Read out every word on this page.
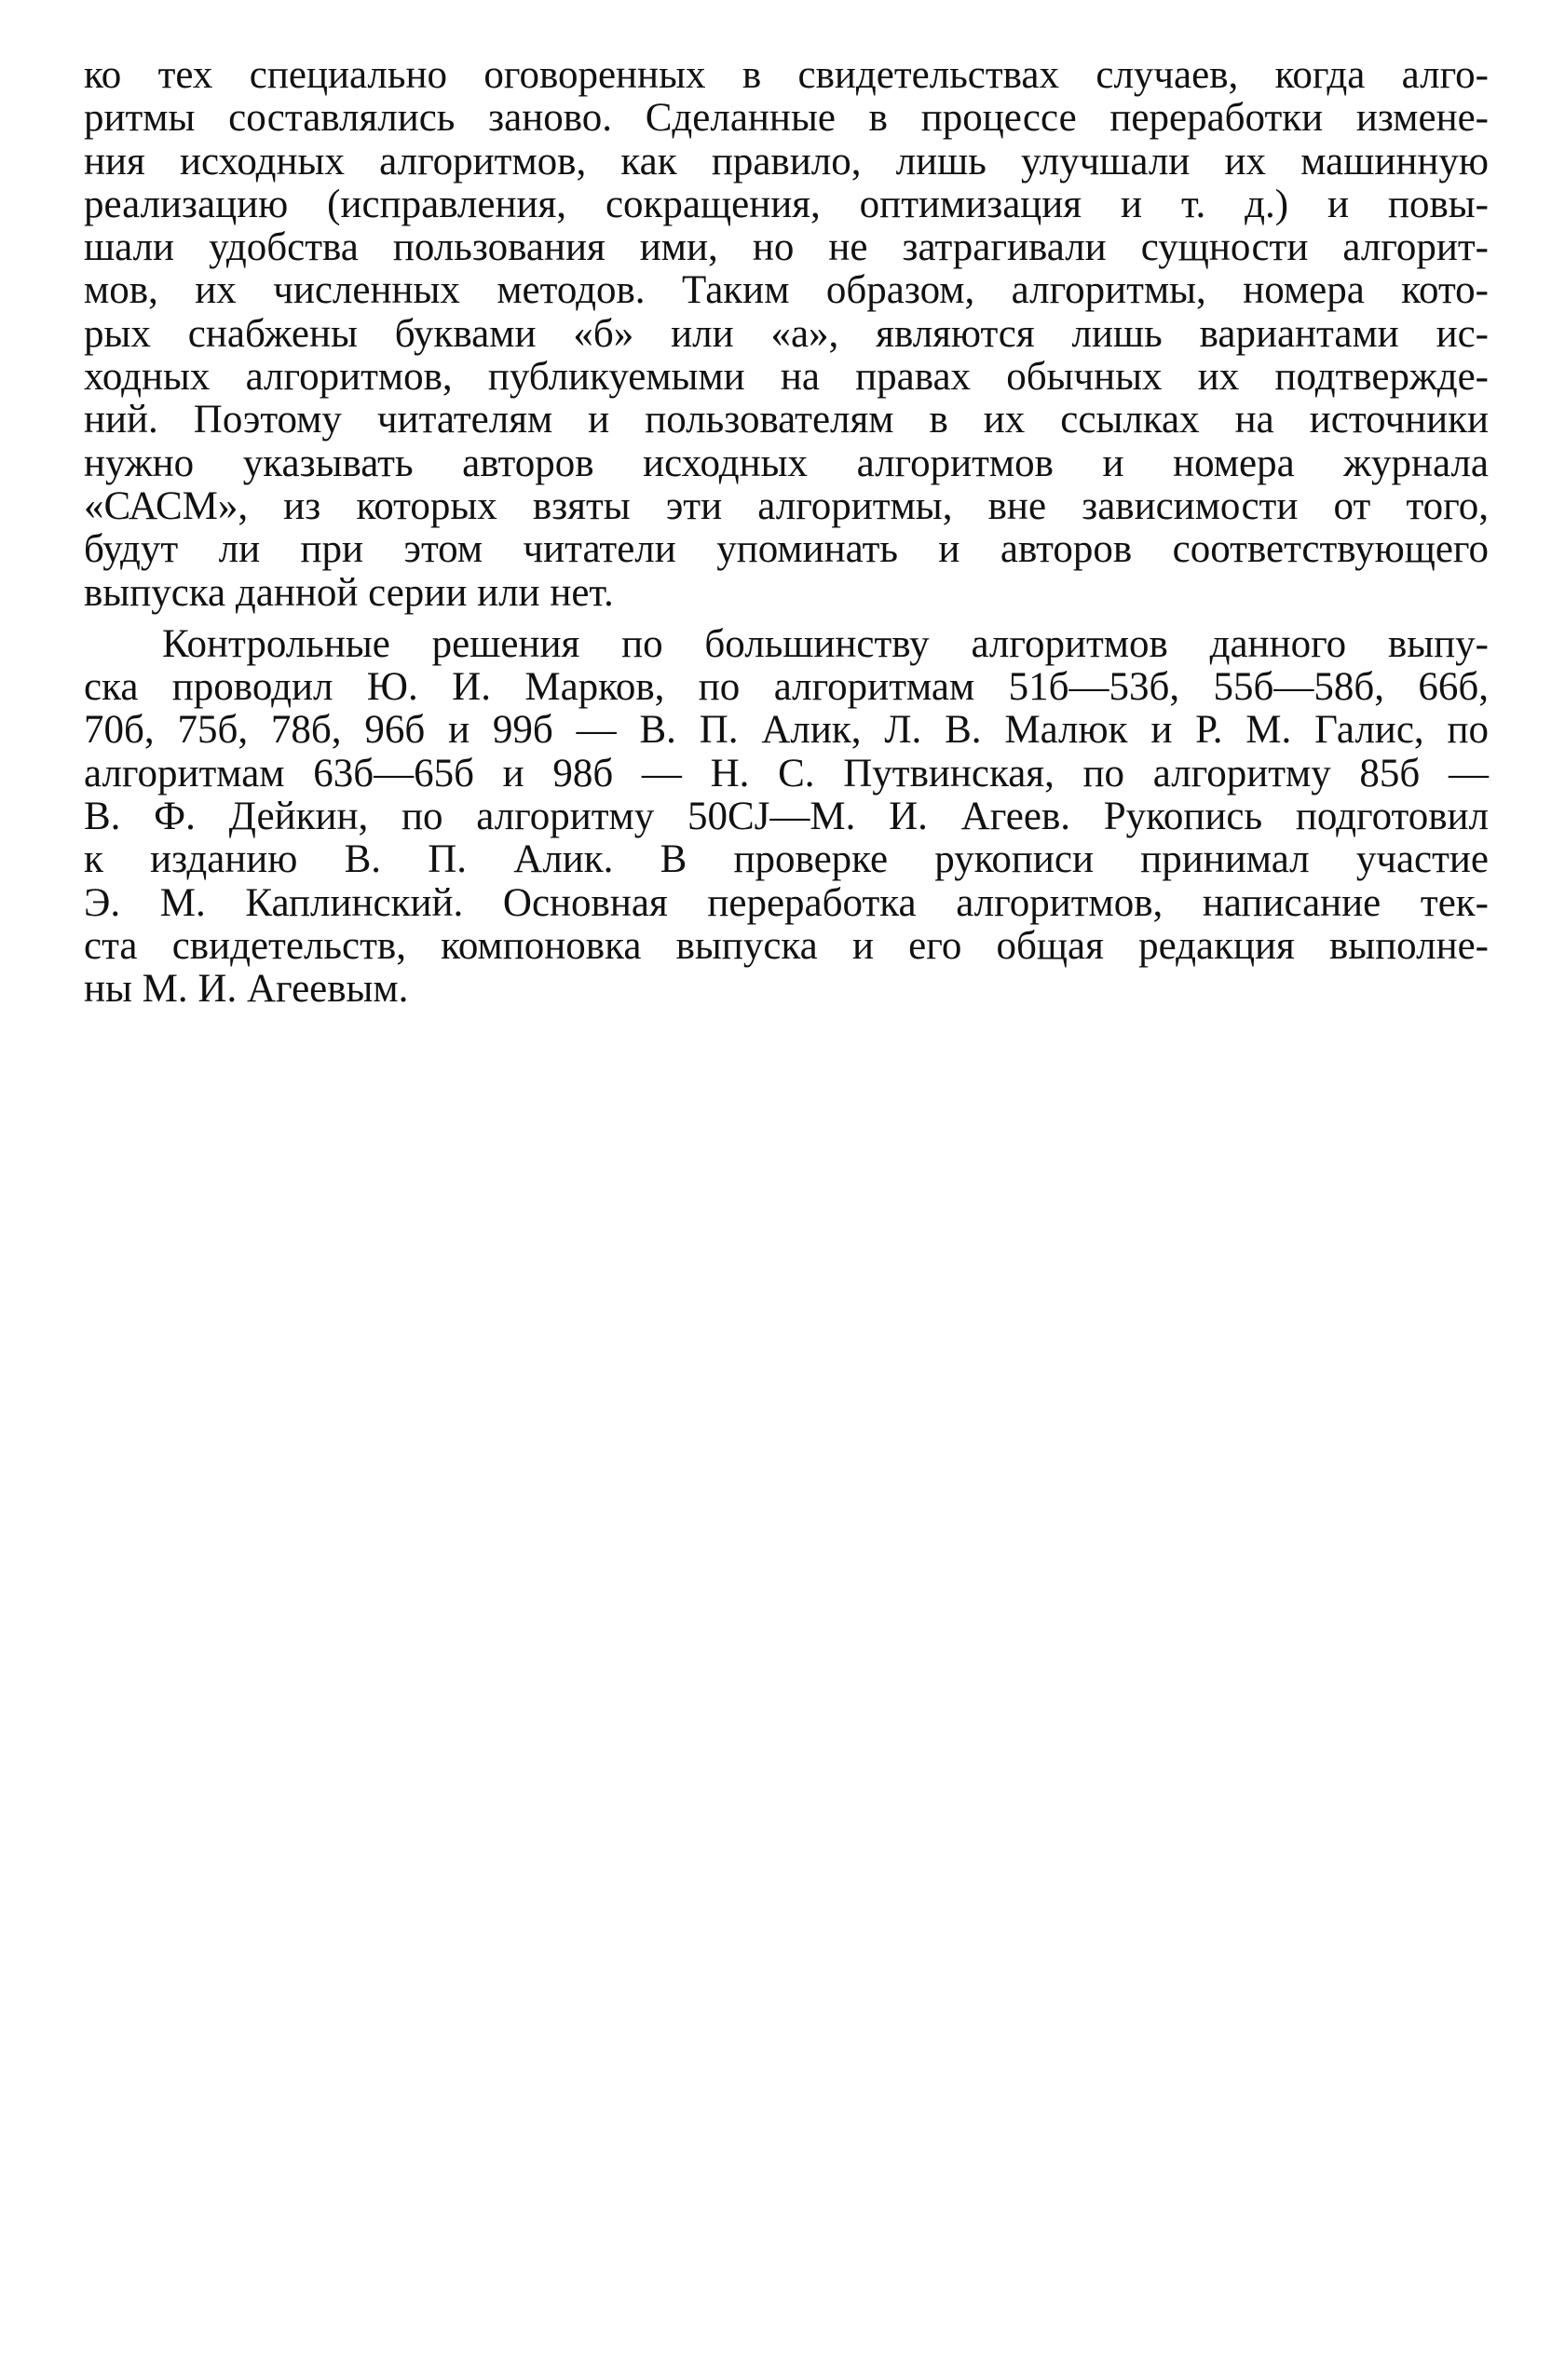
ко тех специально оговоренных в свидетельствах случаев, когда алго-
ритмы составлялись заново. Сделанные в процессе переработки измене-
ния исходных алгоритмов, как правило, лишь улучшали их машинную
реализацию (исправления, сокращения, оптимизация и т. д.) и повы-
шали удобства пользования ими, но не затрагивали сущности алгорит-
мов, их численных методов. Таким образом, алгоритмы, номера кото-
рых снабжены буквами «б» или «а», являются лишь вариантами ис-
ходных алгоритмов, публикуемыми на правах обычных их подтвержде-
ний. Поэтому читателям и пользователям в их ссылках на источники
нужно указывать авторов исходных алгоритмов и номера журнала
«САСМ», из которых взяты эти алгоритмы, вне зависимости от того,
будут ли при этом читатели упоминать и авторов соответствующего
выпуска данной серии или нет.
Контрольные решения по большинству алгоритмов данного выпу-
ска проводил Ю. И. Марков, по алгоритмам 51б—53б, 55б—58б, 66б,
70б, 75б, 78б, 96б и 99б — В. П. Алик, Л. В. Малюк и Р. М. Галис, по
алгоритмам 63б—65б и 98б — Н. С. Путвинская, по алгоритму 85б —
В. Ф. Дейкин, по алгоритму 50CJ—М. И. Агеев. Рукопись подготовил
к изданию В. П. Алик. В проверке рукописи принимал участие
Э. М. Каплинский. Основная переработка алгоритмов, написание тек-
ста свидетельств, компоновка выпуска и его общая редакция выполне-
ны М. И. Агеевым.
